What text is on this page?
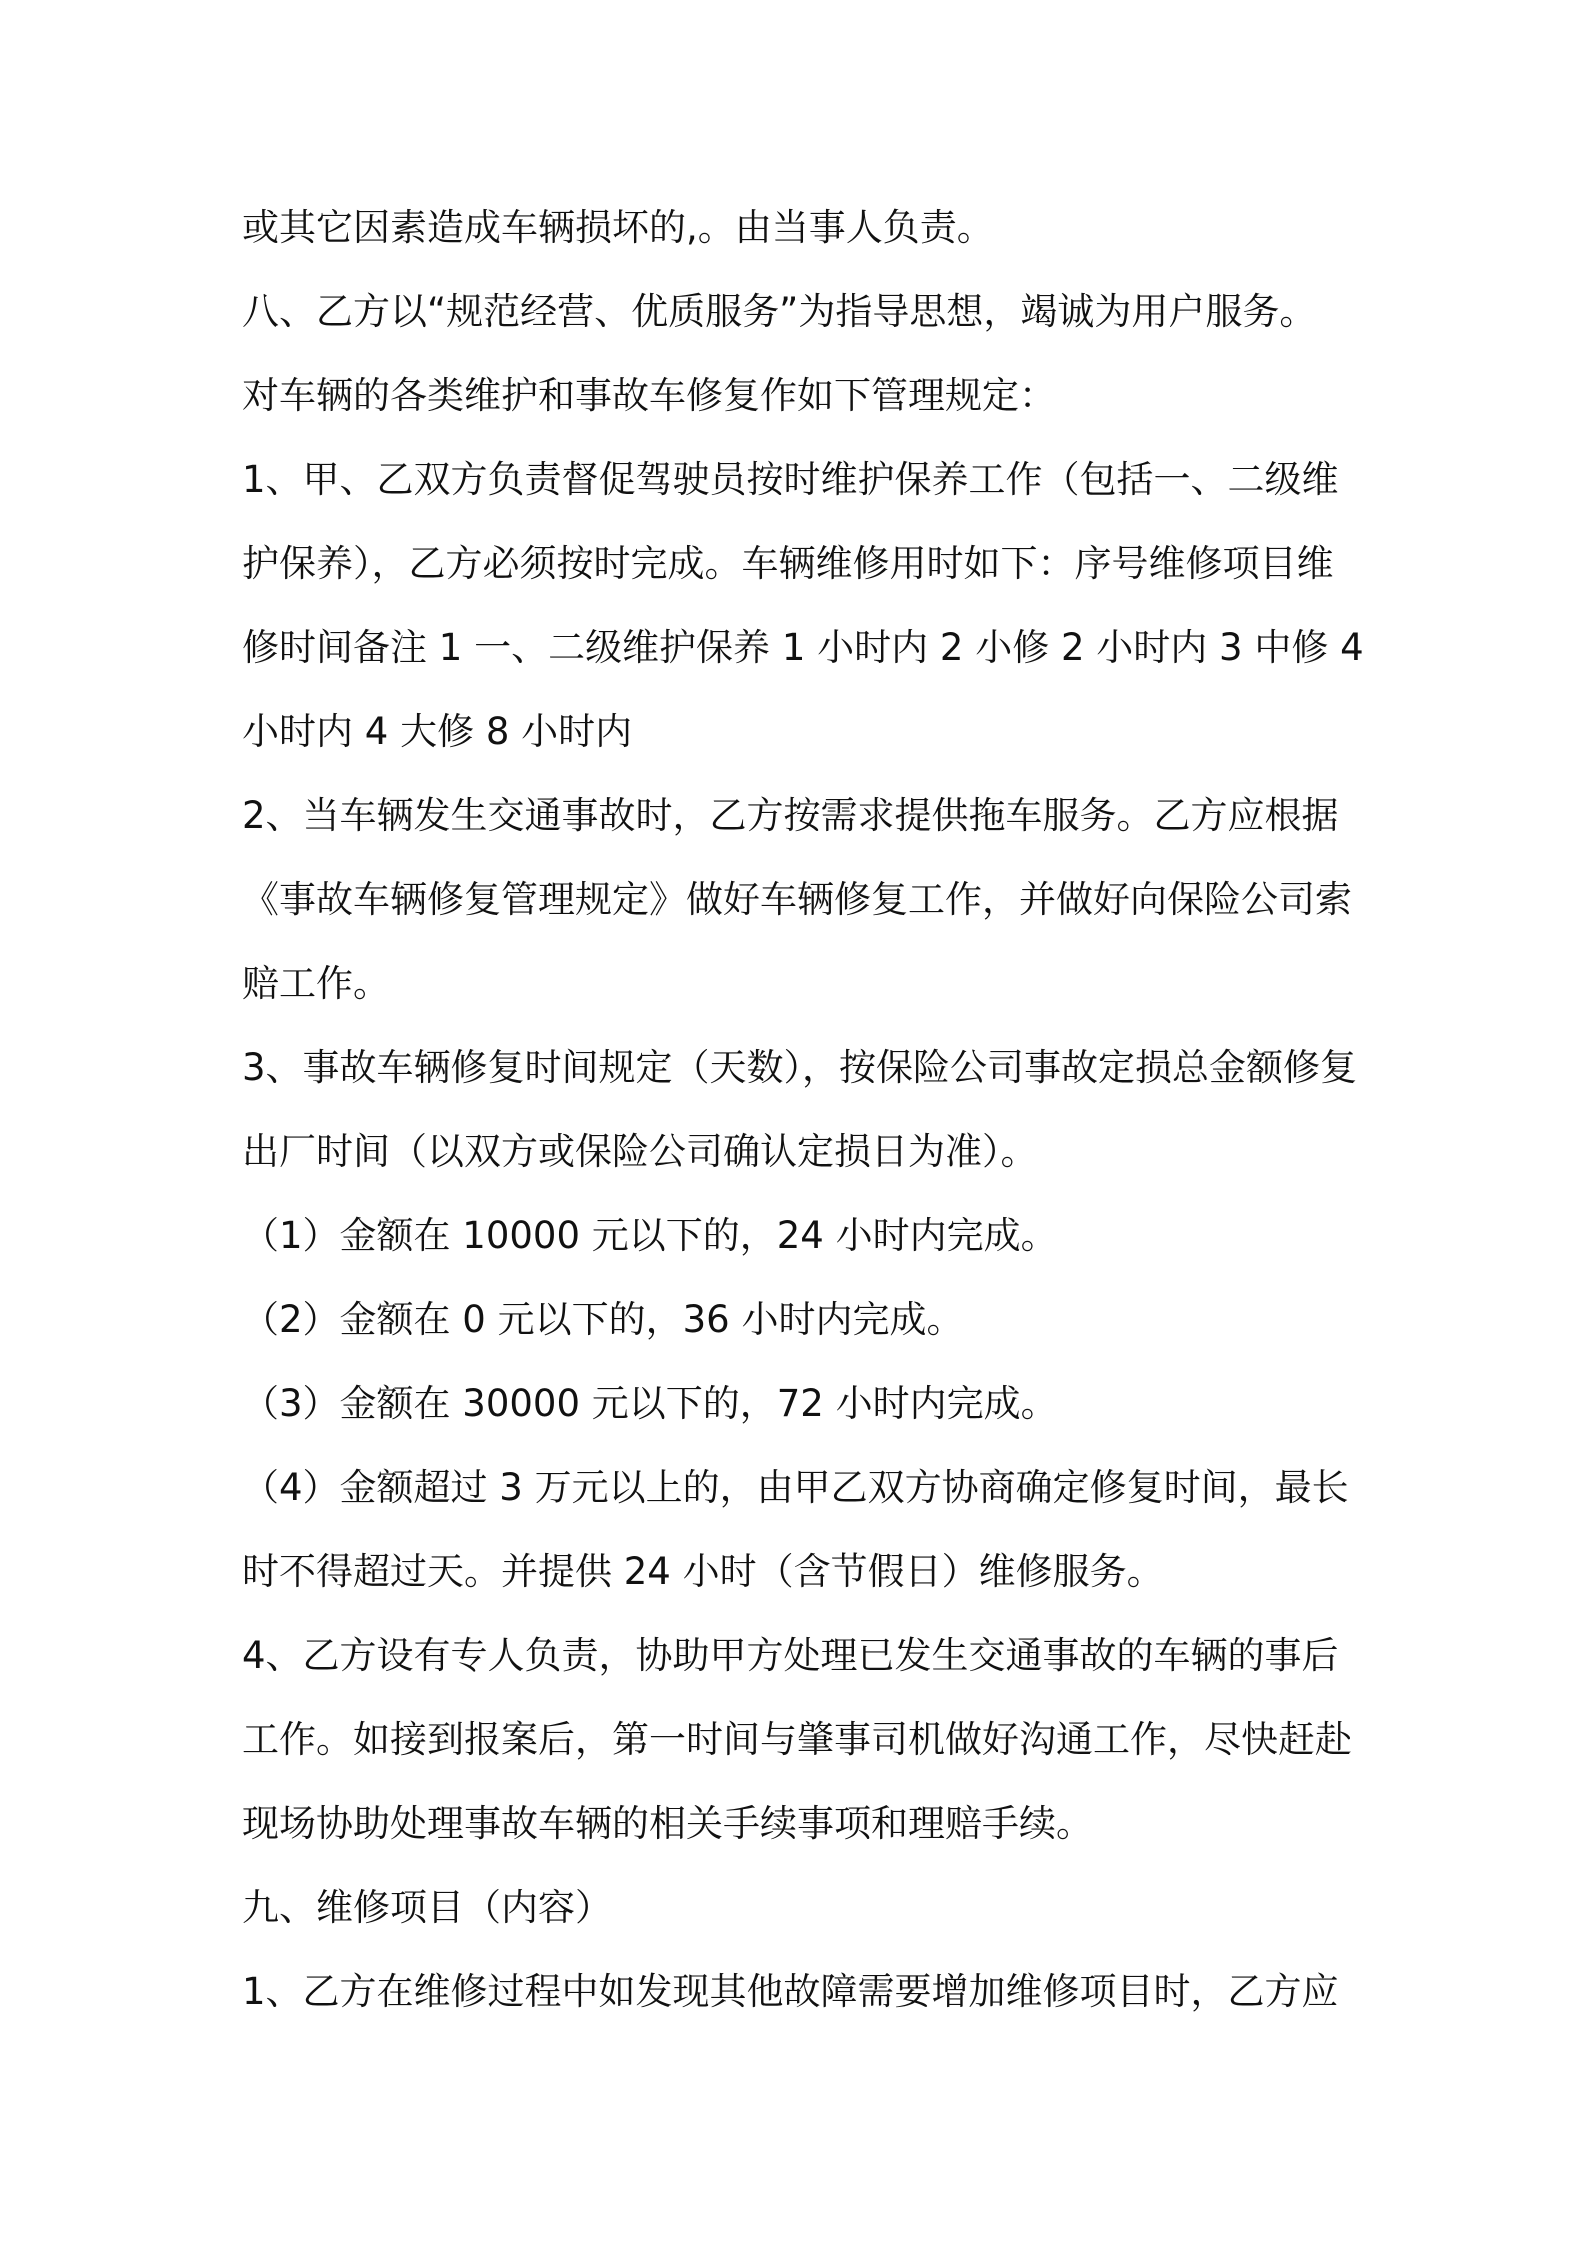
或其它因素造成车辆损坏的,。由当事人负责。
八、乙方以“规范经营、优质服务”为指导思想，竭诚为用户服务。
对车辆的各类维护和事故车修复作如下管理规定：
1、甲、乙双方负责督促驾驶员按时维护保养工作（包括一、二级维
护保养），乙方必须按时完成。车辆维修用时如下：序号维修项目维
修时间备注 1 一、二级维护保养 1 小时内 2 小修 2 小时内 3 中修 4
小时内 4 大修 8 小时内
2、当车辆发生交通事故时，乙方按需求提供拖车服务。乙方应根据
《事故车辆修复管理规定》做好车辆修复工作，并做好向保险公司索
赔工作。
3、事故车辆修复时间规定（天数），按保险公司事故定损总金额修复
出厂时间（以双方或保险公司确认定损日为准）。
（1）金额在 10000 元以下的，24 小时内完成。
（2）金额在 0 元以下的，36 小时内完成。
（3）金额在 30000 元以下的，72 小时内完成。
（4）金额超过 3 万元以上的，由甲乙双方协商确定修复时间，最长
时不得超过天。并提供 24 小时（含节假日）维修服务。
4、乙方设有专人负责，协助甲方处理已发生交通事故的车辆的事后
工作。如接到报案后，第一时间与肇事司机做好沟通工作，尽快赶赴
现场协助处理事故车辆的相关手续事项和理赔手续。
九、维修项目（内容）
1、乙方在维修过程中如发现其他故障需要增加维修项目时，乙方应
